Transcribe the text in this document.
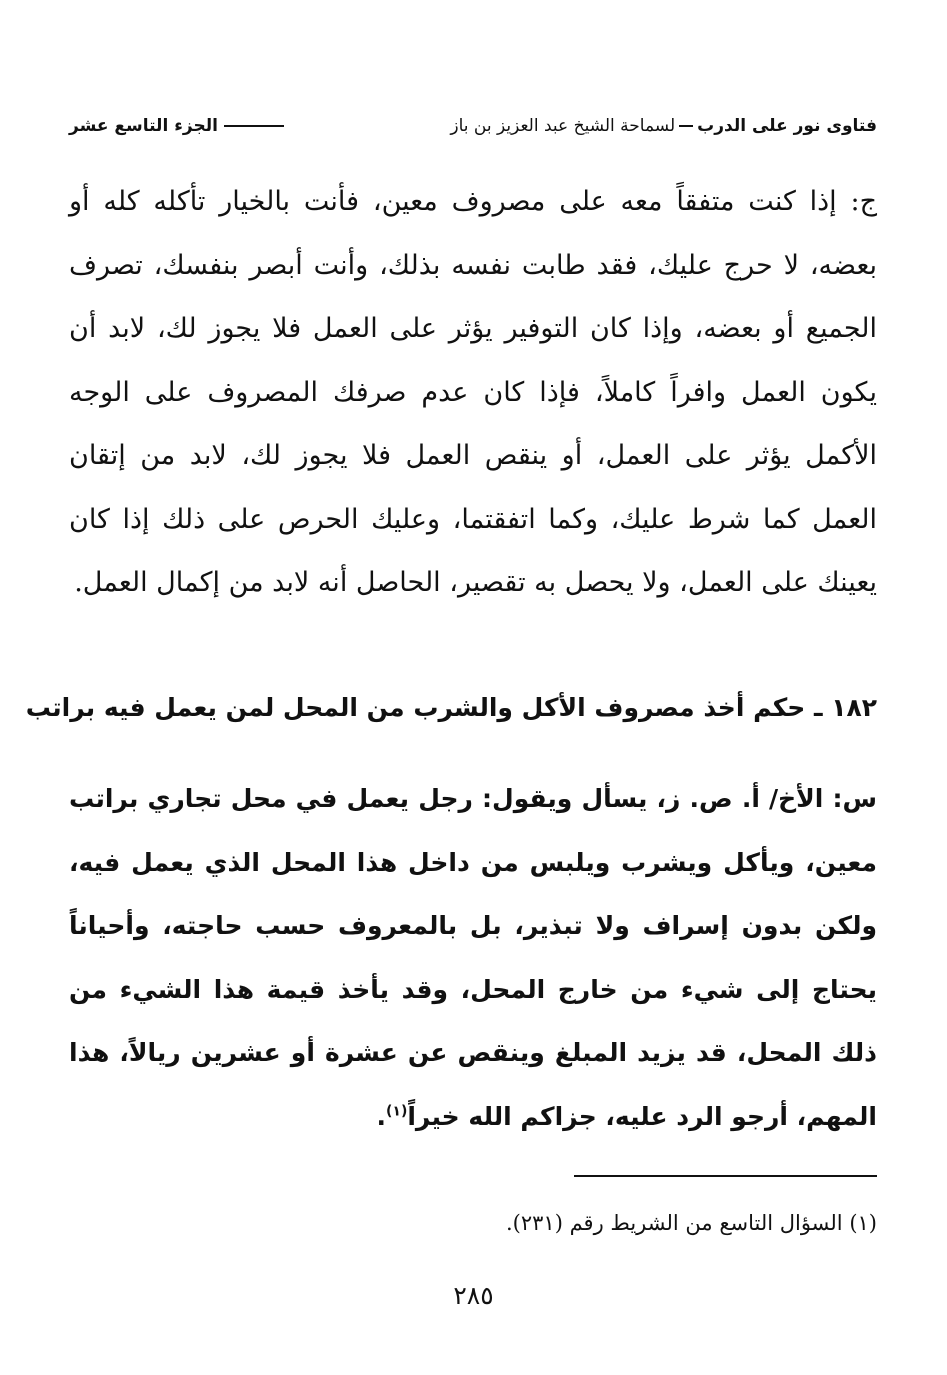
فتاوى نور على الدربلسماحة الشيخ عبد العزيز بن باز
الجزء التاسع عشر
ج: إذا كنت متفقاً معه على مصروف معين، فأنت بالخيار تأكله كله أو بعضه، لا حرج عليك، فقد طابت نفسه بذلك، وأنت أبصر بنفسك، تصرف الجميع أو بعضه، وإذا كان التوفير يؤثر على العمل فلا يجوز لك، لابد أن يكون العمل وافراً كاملاً، فإذا كان عدم صرفك المصروف على الوجه الأكمل يؤثر على العمل، أو ينقص العمل فلا يجوز لك، لابد من إتقان العمل كما شرط عليك، وكما اتفقتما، وعليك الحرص على ذلك إذا كان يعينك على العمل، ولا يحصل به تقصير، الحاصل أنه لابد من إكمال العمل.
١٨٢ ـ حكم أخذ مصروف الأكل والشرب من المحل لمن يعمل فيه براتب
س: الأخ/ أ. ص. ز، يسأل ويقول: رجل يعمل في محل تجاري براتب معين، ويأكل ويشرب ويلبس من داخل هذا المحل الذي يعمل فيه، ولكن بدون إسراف ولا تبذير، بل بالمعروف حسب حاجته، وأحياناً يحتاج إلى شيء من خارج المحل، وقد يأخذ قيمة هذا الشيء من ذلك المحل، قد يزيد المبلغ وينقص عن عشرة أو عشرين ريالاً، هذا المهم، أرجو الرد عليه، جزاكم الله خيراً$^{(١)}$.
(١) السؤال التاسع من الشريط رقم (٢٣١).
٢٨٥
